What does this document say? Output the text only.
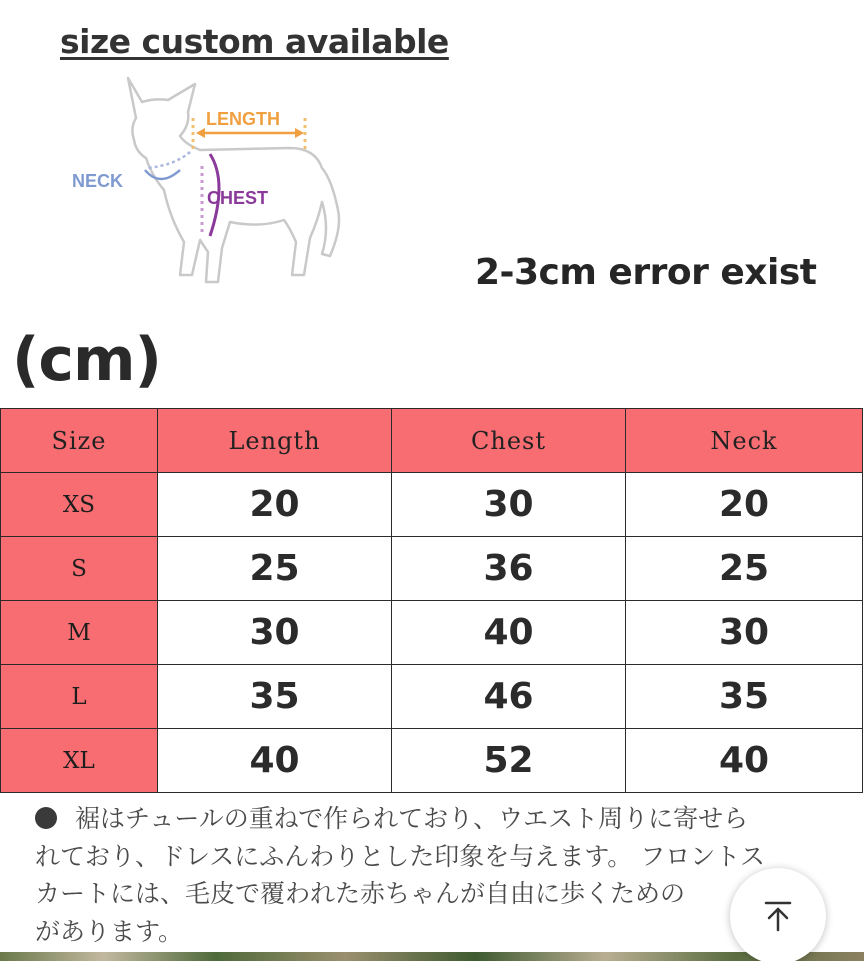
size custom available
LENGTH
NECK
CHEST
2-3cm error exist
(cm)
Size	Length	Chest	Neck
XS	20	30	20
S	25	36	25
M	30	40	30
L	35	46	35
XL	40	52	40
裾はチュールの重ねで作られており、ウエスト周りに寄せら
れており、ドレスにふんわりとした印象を与えます。 フロントス
カートには、毛皮で覆われた赤ちゃんが自由に歩くための
があります。
